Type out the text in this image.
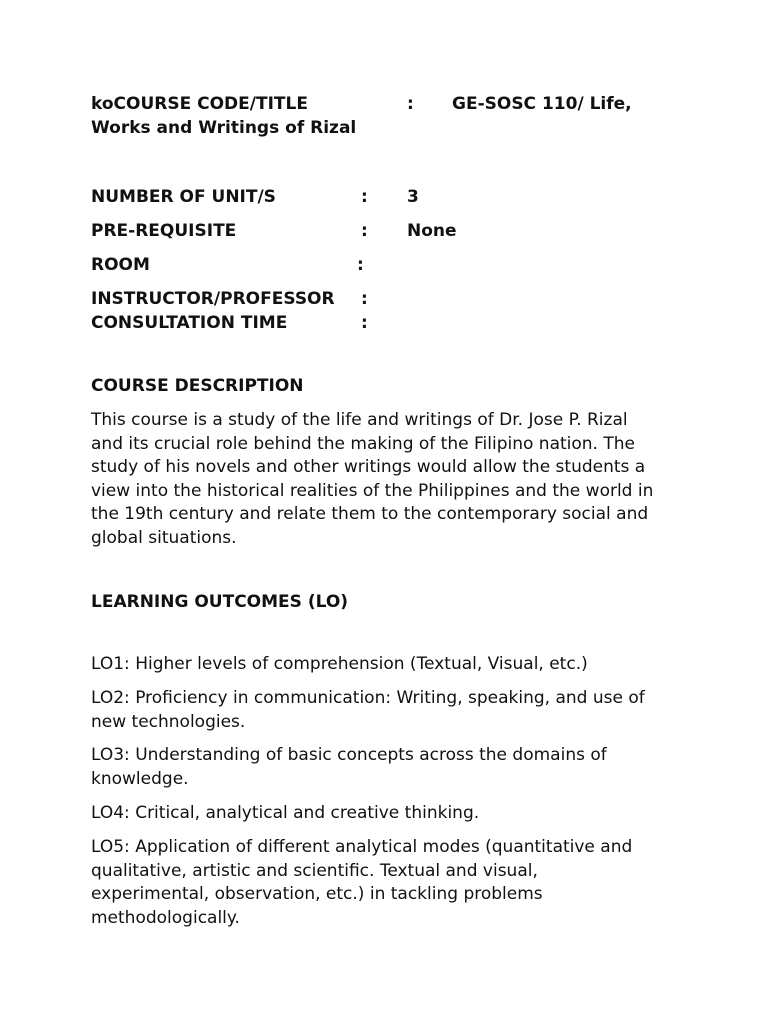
koCOURSE CODE/TITLE	: GE-SOSC 110/ Life,

Works and Writings of Rizal

NUMBER OF UNIT/S	: 3

PRE-REQUISITE	: None

ROOM	:

INSTRUCTOR/PROFESSOR :

CONSULTATION TIME	:

COURSE DESCRIPTION

This course is a study of the life and writings of Dr. Jose P. Rizal
and its crucial role behind the making of the Filipino nation. The
study of his novels and other writings would allow the students a
view into the historical realities of the Philippines and the world in
the 19th century and relate them to the contemporary social and
global situations.

LEARNING OUTCOMES (LO)

LO1: Higher levels of comprehension (Textual, Visual, etc.)
LO2: Proficiency in communication: Writing, speaking, and use of
new technologies.
LO3: Understanding of basic concepts across the domains of
knowledge.
LO4: Critical, analytical and creative thinking.
LO5: Application of different analytical modes (quantitative and
qualitative, artistic and scientific. Textual and visual,
experimental, observation, etc.) in tackling problems
methodologically.
